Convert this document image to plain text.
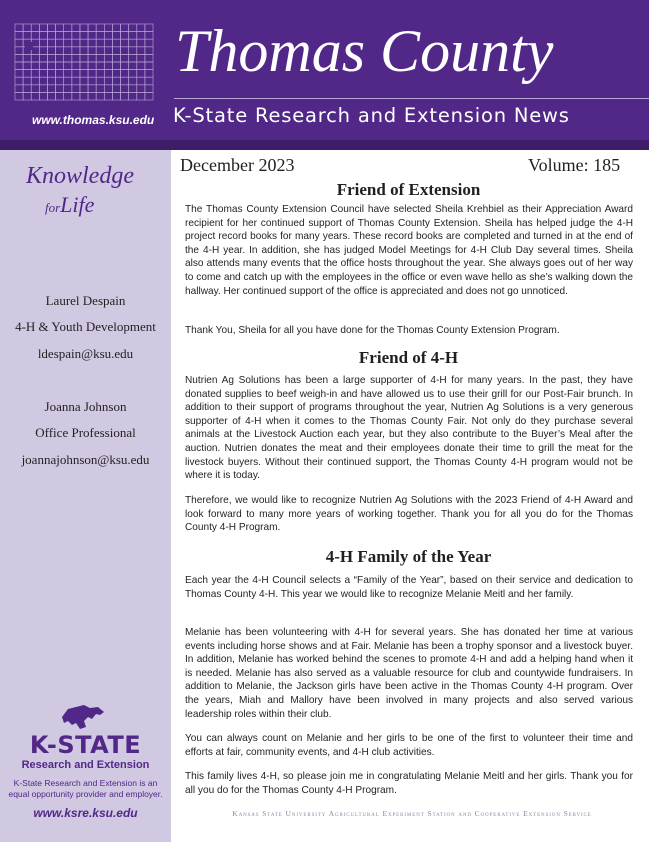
www.thomas.ksu.edu
Thomas County
K-State Research and Extension News
Knowledge
forLife
Laurel Despain
4-H & Youth Development
ldespain@ksu.edu
Joanna Johnson
Office Professional
joannajohnson@ksu.edu
K-STATE
Research and Extension
K-State Research and Extension is an equal opportunity provider and employer.
www.ksre.ksu.edu
December 2023	Volume: 185
Friend of Extension

The Thomas County Extension Council have selected Sheila Krehbiel as their Appreciation Award recipient for her continued support of Thomas County Extension. Sheila has helped judge the 4-H project record books for many years. These record books are completed and turned in at the end of the 4-H year. In addition, she has judged Model Meetings for 4-H Club Day several times. Sheila also attends many events that the office hosts throughout the year. She always goes out of her way to come and catch up with the employees in the office or even wave hello as she’s walking down the hallway. Her continued support of the office is appreciated and does not go unnoticed.

Thank You, Sheila for all you have done for the Thomas County Extension Program.

Friend of 4-H

Nutrien Ag Solutions has been a large supporter of 4-H for many years. In the past, they have donated supplies to beef weigh-in and have allowed us to use their grill for our Post-Fair brunch. In addition to their support of programs throughout the year, Nutrien Ag Solutions is a very generous supporter of 4-H when it comes to the Thomas County Fair. Not only do they purchase several animals at the Livestock Auction each year, but they also contribute to the Buyer’s Meal after the auction. Nutrien donates the meat and their employees donate their time to grill the meat for the livestock buyers. Without their continued support, the Thomas County 4-H program would not be where it is today.

Therefore, we would like to recognize Nutrien Ag Solutions with the 2023 Friend of 4-H Award and look forward to many more years of working together. Thank you for all you do for the Thomas County 4-H Program.

4-H Family of the Year

Each year the 4-H Council selects a “Family of the Year”, based on their service and dedication to Thomas County 4-H. This year we would like to recognize Melanie Meitl and her family.

Melanie has been volunteering with 4-H for several years. She has donated her time at various events including horse shows and at Fair. Melanie has been a trophy sponsor and a livestock buyer. In addition, Melanie has worked behind the scenes to promote 4-H and add a helping hand when it is needed. Melanie has also served as a valuable resource for club and countywide fundraisers. In addition to Melanie, the Jackson girls have been active in the Thomas County 4-H program. Over the years, Miah and Mallory have been involved in many projects and also served various leadership roles within their club.

You can always count on Melanie and her girls to be one of the first to volunteer their time and efforts at fair, community events, and 4-H club activities.

This family lives 4-H, so please join me in congratulating Melanie Meitl and her girls. Thank you for all you do for the Thomas County 4-H Program.

Kansas State University Agricultural Experiment Station and Cooperative Extension Service
